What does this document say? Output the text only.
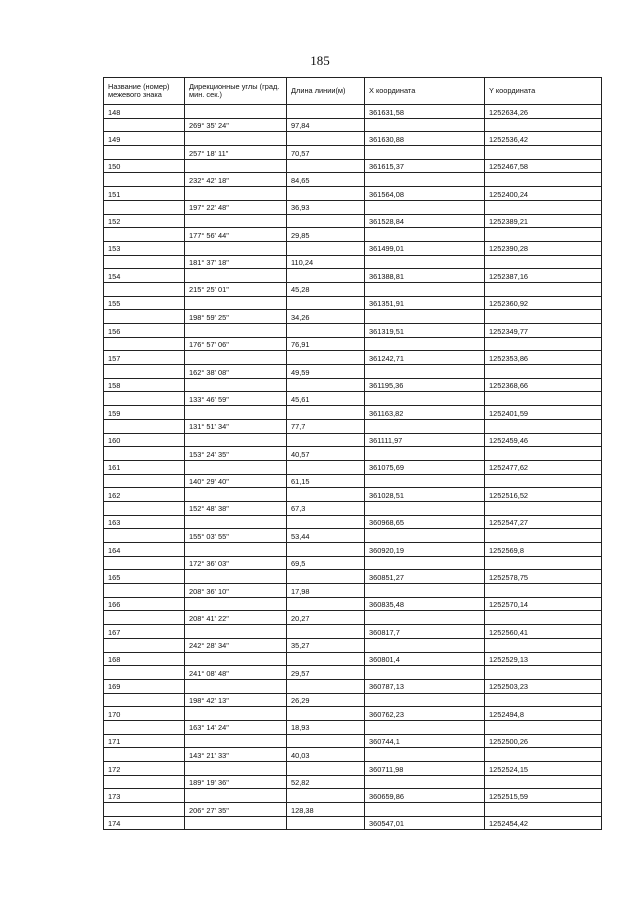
185
Название (номер) межевого знака	Дирекционные углы (град. мин. сек.)	Длина линии(м)	X координата	Y координата
148			361631,58	1252634,26
	269° 35' 24"	97,84		
149			361630,88	1252536,42
	257° 18' 11"	70,57		
150			361615,37	1252467,58
	232° 42' 18"	84,65		
151			361564,08	1252400,24
	197° 22' 48"	36,93		
152			361528,84	1252389,21
	177° 56' 44"	29,85		
153			361499,01	1252390,28
	181° 37' 18"	110,24		
154			361388,81	1252387,16
	215° 25' 01"	45,28		
155			361351,91	1252360,92
	198° 59' 25"	34,26		
156			361319,51	1252349,77
	176° 57' 06"	76,91		
157			361242,71	1252353,86
	162° 38' 08"	49,59		
158			361195,36	1252368,66
	133° 46' 59"	45,61		
159			361163,82	1252401,59
	131° 51' 34"	77,7		
160			361111,97	1252459,46
	153° 24' 35"	40,57		
161			361075,69	1252477,62
	140° 29' 40"	61,15		
162			361028,51	1252516,52
	152° 48' 38"	67,3		
163			360968,65	1252547,27
	155° 03' 55"	53,44		
164			360920,19	1252569,8
	172° 36' 03"	69,5		
165			360851,27	1252578,75
	208° 36' 10"	17,98		
166			360835,48	1252570,14
	208° 41' 22"	20,27		
167			360817,7	1252560,41
	242° 28' 34"	35,27		
168			360801,4	1252529,13
	241° 08' 48"	29,57		
169			360787,13	1252503,23
	198° 42' 13"	26,29		
170			360762,23	1252494,8
	163° 14' 24"	18,93		
171			360744,1	1252500,26
	143° 21' 33"	40,03		
172			360711,98	1252524,15
	189° 19' 36"	52,82		
173			360659,86	1252515,59
	206° 27' 35"	128,38		
174			360547,01	1252454,42
